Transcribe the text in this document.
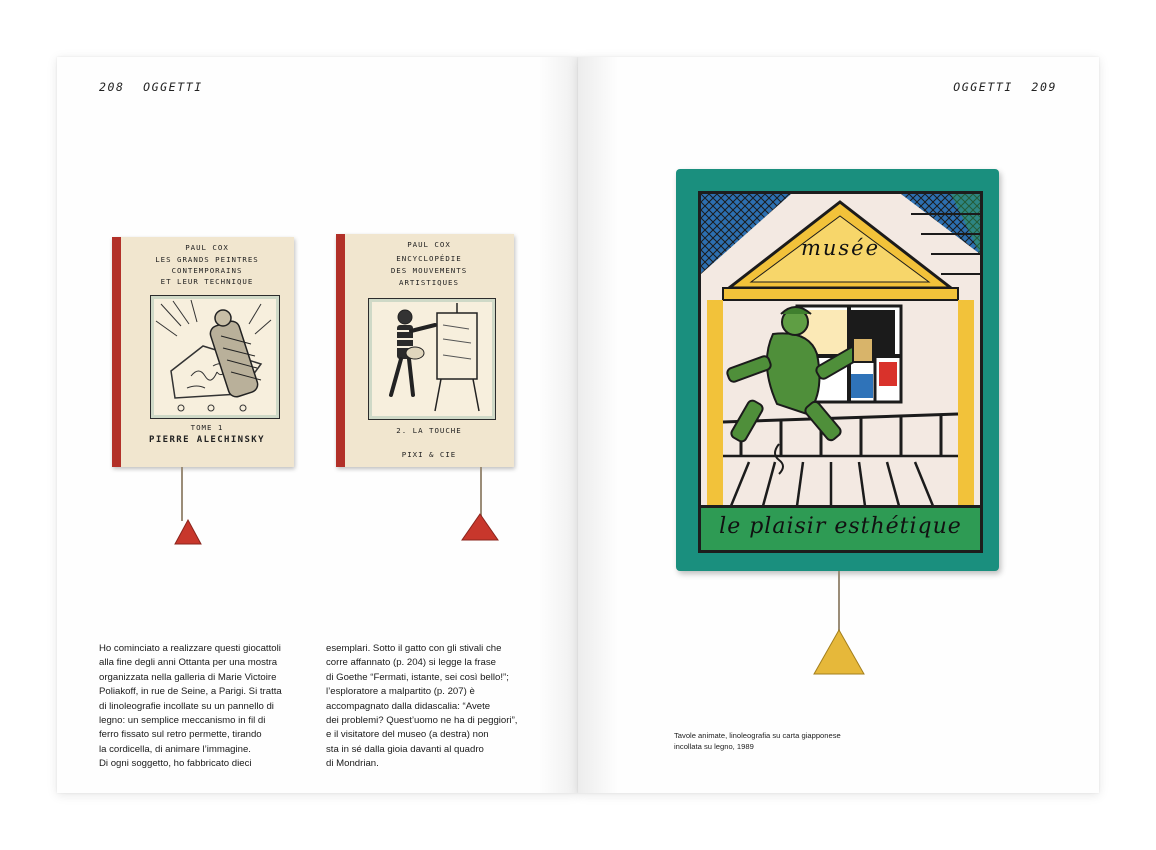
208 OGGETTI
PAUL COX
LES GRANDS PEINTRES
CONTEMPORAINS
ET LEUR TECHNIQUE
TOME 1
PIERRE ALECHINSKY
PAUL COX
ENCYCLOPÉDIE
DES MOUVEMENTS
ARTISTIQUES
2. LA TOUCHE
PIXI & CIE
Ho cominciato a realizzare questi giocattoli
alla fine degli anni Ottanta per una mostra
organizzata nella galleria di Marie Victoire
Poliakoff, in rue de Seine, a Parigi. Si tratta
di linoleografie incollate su un pannello di
legno: un semplice meccanismo in fil di
ferro fissato sul retro permette, tirando
la cordicella, di animare l’immagine.
Di ogni soggetto, ho fabbricato dieci
esemplari. Sotto il gatto con gli stivali che
corre affannato (p. 204) si legge la frase
di Goethe “Fermati, istante, sei così bello!”;
l’esploratore a malpartito (p. 207) è
accompagnato dalla didascalia: “Avete
dei problemi? Quest’uomo ne ha di peggiori”,
e il visitatore del museo (a destra) non
sta in sé dalla gioia davanti al quadro
di Mondrian.
OGGETTI 209
musée
le plaisir esthétique
Tavole animate, linoleografia su carta giapponese
incollata su legno, 1989
